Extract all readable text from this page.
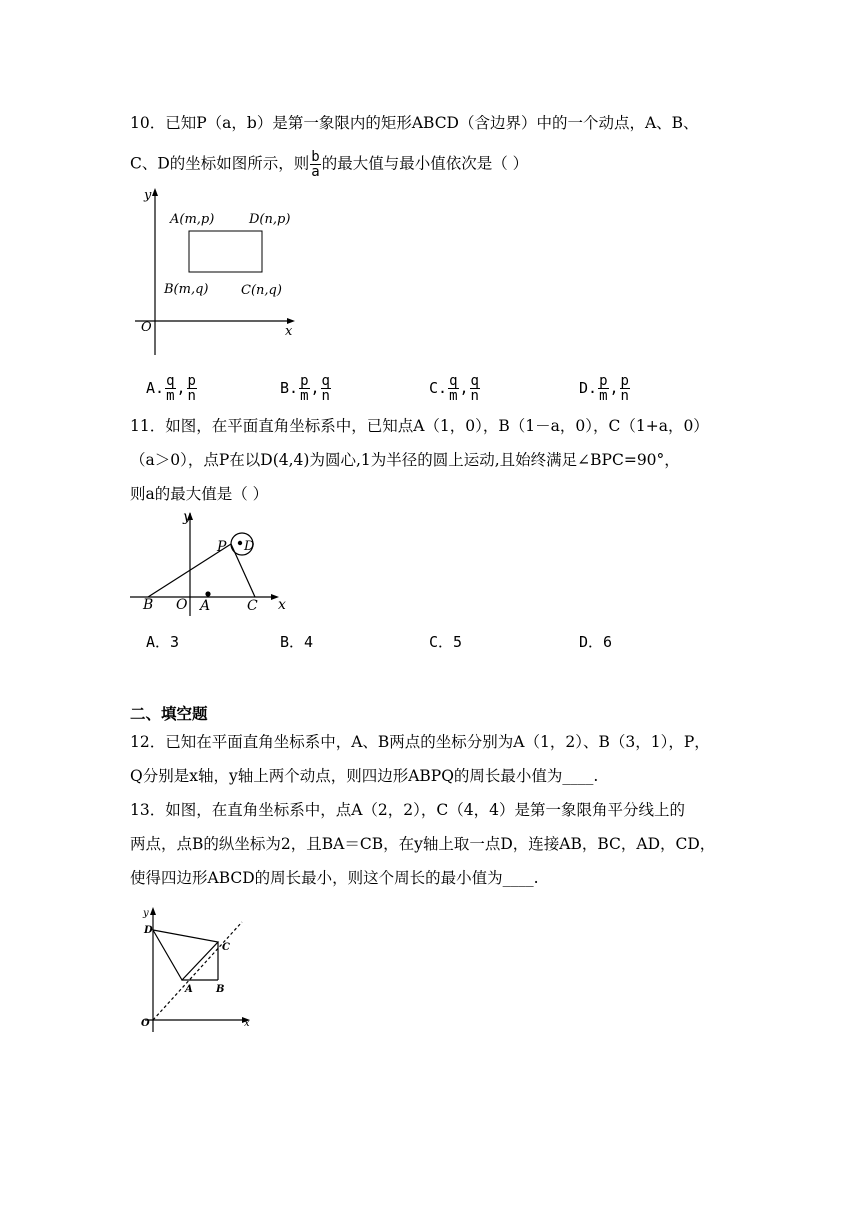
10．已知P（a，b）是第一象限内的矩形ABCD（含边界）中的一个动点，A、B、
C、D的坐标如图所示，则 $\frac{b}{a}$ 的最大值与最小值依次是（ ）
y
x
O
A(m,p)	D(n,p)
B(m,q)	C(n,q)
A. $\frac{q}{m}$ , $\frac{p}{n}$	B. $\frac{p}{m}$ , $\frac{q}{n}$	C. $\frac{q}{m}$ , $\frac{q}{n}$	D. $\frac{p}{m}$ , $\frac{p}{n}$
11．如图，在平面直角坐标系中，已知点A（1，0），B（1－a，0），C（1+a，0）
（a＞0），点P在以D(4,4)为圆心,1为半径的圆上运动,且始终满足∠BPC=90°，
则a的最大值是（ ）
y
x
O
B	A	C
P D
A．3	B．4	C．5	D．6
二、填空题
12．已知在平面直角坐标系中，A、B两点的坐标分别为A（1，2）、B（3，1），P，
Q分别是x轴，y轴上两个动点，则四边形ABPQ的周长最小值为____.
13．如图，在直角坐标系中，点A（2，2），C（4，4）是第一象限角平分线上的
两点，点B的纵坐标为2，且BA＝CB，在y轴上取一点D，连接AB，BC，AD，CD，
使得四边形ABCD的周长最小，则这个周长的最小值为____.
y
x
O
D
C
A B
